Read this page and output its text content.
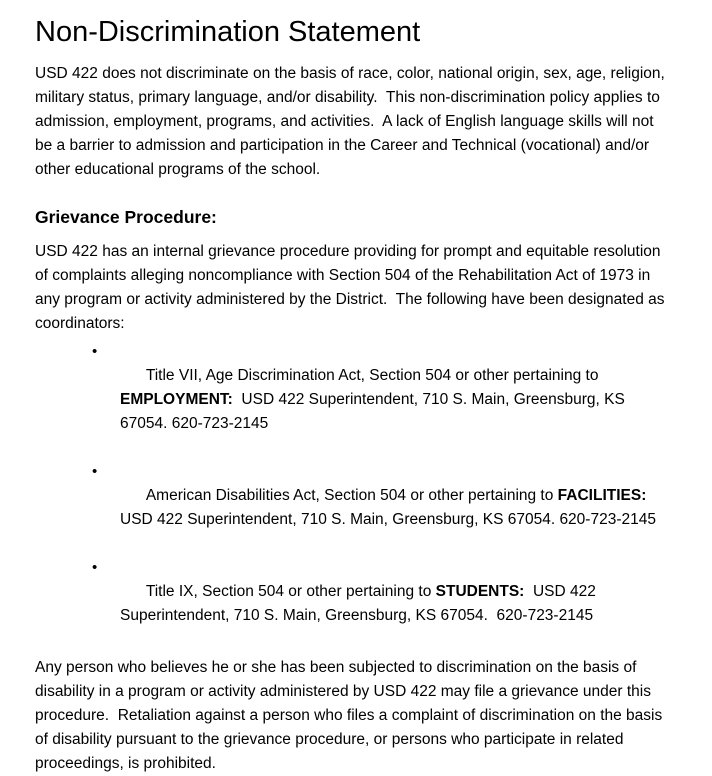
Non-Discrimination Statement

USD 422 does not discriminate on the basis of race, color, national origin, sex, age, religion, military status, primary language, and/or disability.  This non-discrimination policy applies to admission, employment, programs, and activities.  A lack of English language skills will not be a barrier to admission and participation in the Career and Technical (vocational) and/or other educational programs of the school.

Grievance Procedure:

USD 422 has an internal grievance procedure providing for prompt and equitable resolution of complaints alleging noncompliance with Section 504 of the Rehabilitation Act of 1973 in any program or activity administered by the District.  The following have been designated as coordinators:

•
Title VII, Age Discrimination Act, Section 504 or other pertaining to EMPLOYMENT:  USD 422 Superintendent, 710 S. Main, Greensburg, KS 67054. 620-723-2145

•
American Disabilities Act, Section 504 or other pertaining to FACILITIES: USD 422 Superintendent, 710 S. Main, Greensburg, KS 67054. 620-723-2145

•
Title IX, Section 504 or other pertaining to STUDENTS:  USD 422 Superintendent, 710 S. Main, Greensburg, KS 67054.  620-723-2145

Any person who believes he or she has been subjected to discrimination on the basis of disability in a program or activity administered by USD 422 may file a grievance under this procedure.  Retaliation against a person who files a complaint of discrimination on the basis of disability pursuant to the grievance procedure, or persons who participate in related proceedings, is prohibited.
